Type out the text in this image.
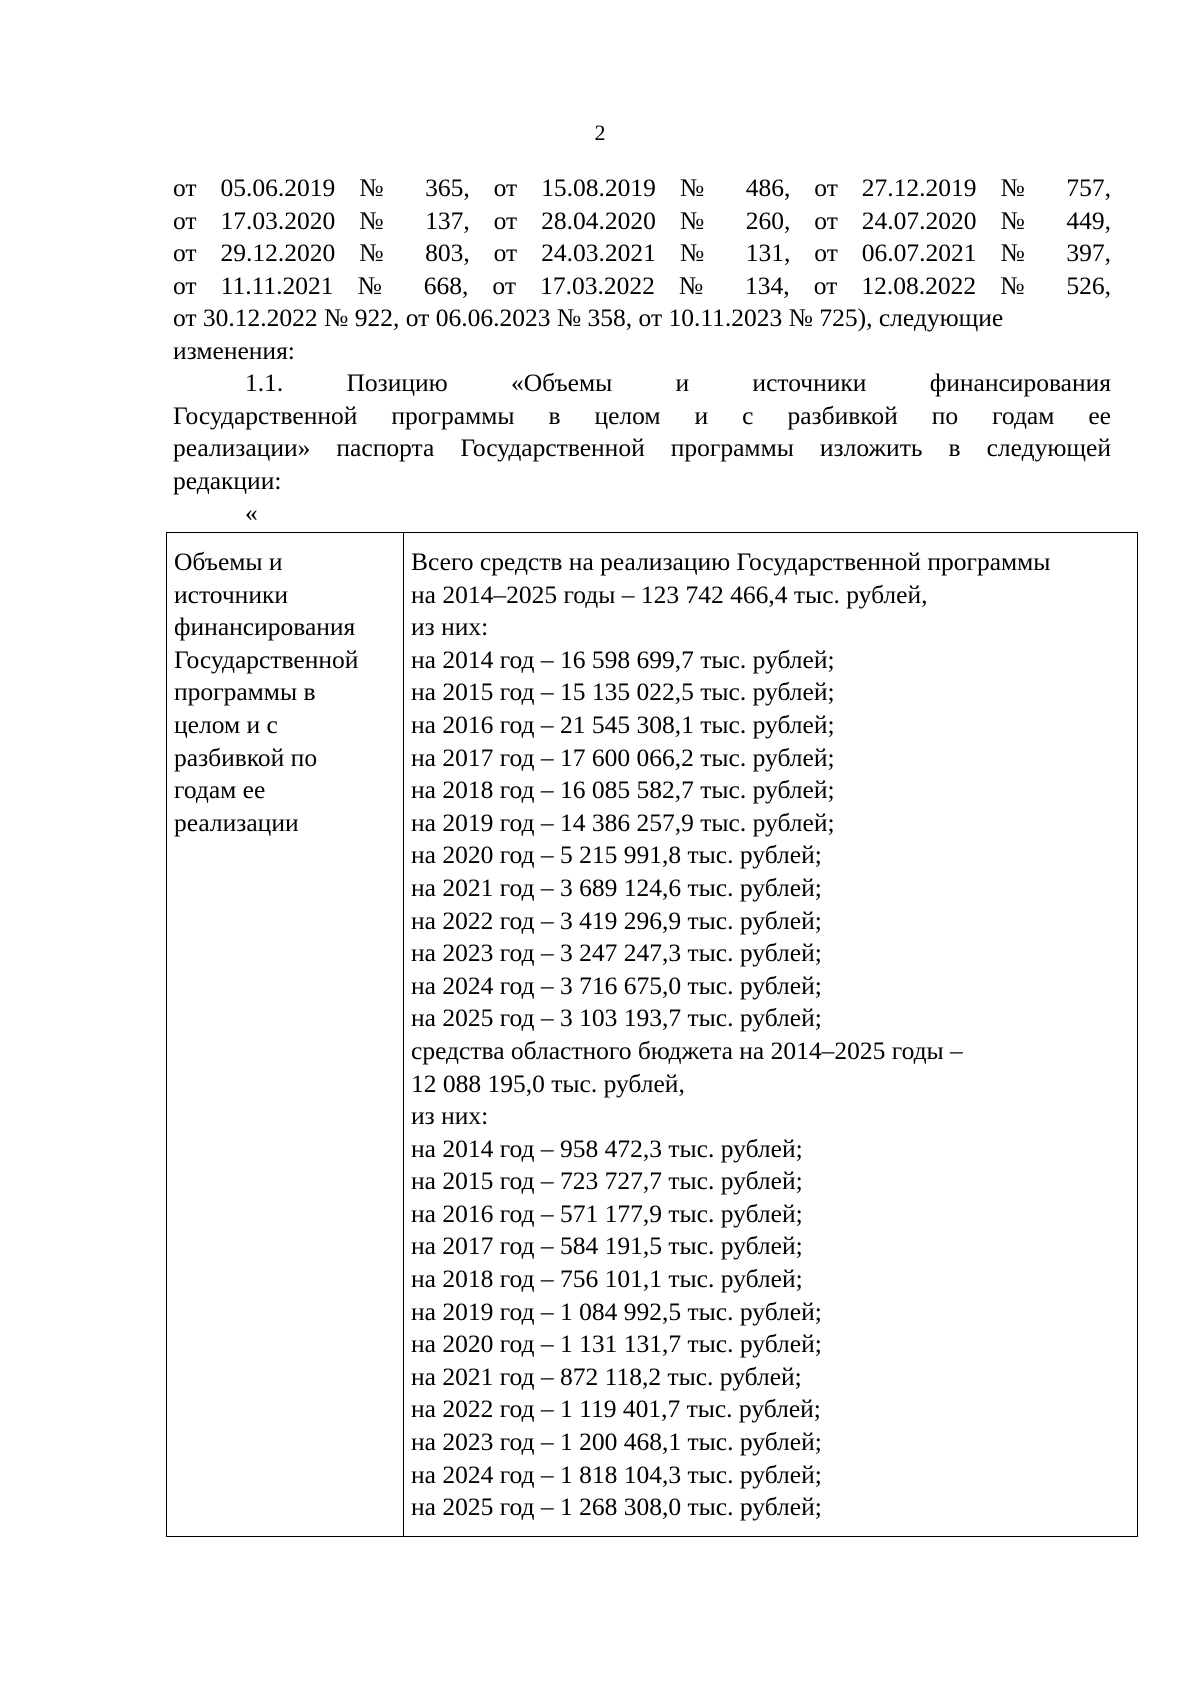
2
от 05.06.2019 № 365, от 15.08.2019 № 486, от 27.12.2019 № 757,
от 17.03.2020 № 137, от 28.04.2020 № 260, от 24.07.2020 № 449,
от 29.12.2020 № 803, от 24.03.2021 № 131, от 06.07.2021 № 397,
от 11.11.2021 № 668, от 17.03.2022 № 134, от 12.08.2022 № 526,
от 30.12.2022 № 922, от 06.06.2023 № 358, от 10.11.2023 № 725), следующие
изменения:
1.1. Позицию «Объемы и источники финансирования
Государственной программы в целом и с разбивкой по годам ее
реализации» паспорта Государственной программы изложить в следующей
редакции:
«
Объемы и
источники
финансирования
Государственной
программы в
целом и с
разбивкой по
годам ее
реализации

Всего средств на реализацию Государственной программы
на 2014–2025 годы – 123 742 466,4 тыс. рублей,
из них:
на 2014 год – 16 598 699,7 тыс. рублей;
на 2015 год – 15 135 022,5 тыс. рублей;
на 2016 год – 21 545 308,1 тыс. рублей;
на 2017 год – 17 600 066,2 тыс. рублей;
на 2018 год – 16 085 582,7 тыс. рублей;
на 2019 год – 14 386 257,9 тыс. рублей;
на 2020 год – 5 215 991,8 тыс. рублей;
на 2021 год – 3 689 124,6 тыс. рублей;
на 2022 год – 3 419 296,9 тыс. рублей;
на 2023 год – 3 247 247,3 тыс. рублей;
на 2024 год – 3 716 675,0 тыс. рублей;
на 2025 год – 3 103 193,7 тыс. рублей;
средства областного бюджета на 2014–2025 годы –
12 088 195,0 тыс. рублей,
из них:
на 2014 год – 958 472,3 тыс. рублей;
на 2015 год – 723 727,7 тыс. рублей;
на 2016 год – 571 177,9 тыс. рублей;
на 2017 год – 584 191,5 тыс. рублей;
на 2018 год – 756 101,1 тыс. рублей;
на 2019 год – 1 084 992,5 тыс. рублей;
на 2020 год – 1 131 131,7 тыс. рублей;
на 2021 год – 872 118,2 тыс. рублей;
на 2022 год – 1 119 401,7 тыс. рублей;
на 2023 год – 1 200 468,1 тыс. рублей;
на 2024 год – 1 818 104,3 тыс. рублей;
на 2025 год – 1 268 308,0 тыс. рублей;
